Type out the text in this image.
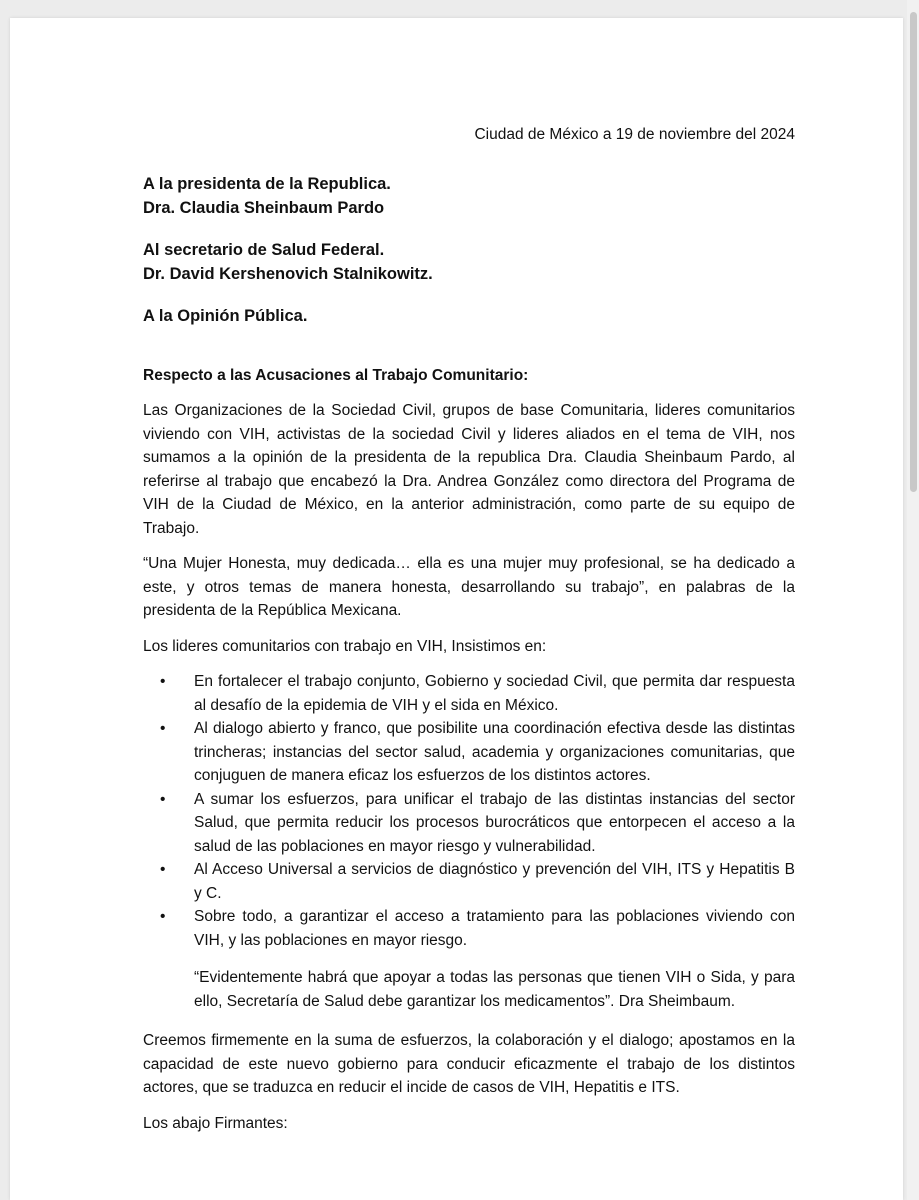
Ciudad de México a 19 de noviembre del 2024
A la presidenta de la Republica.
Dra. Claudia Sheinbaum Pardo
Al secretario de Salud Federal.
Dr. David Kershenovich Stalnikowitz.
A la Opinión Pública.
Respecto a las Acusaciones al Trabajo Comunitario:

Las Organizaciones de la Sociedad Civil, grupos de base Comunitaria, lideres comunitarios viviendo con VIH, activistas de la sociedad Civil y lideres aliados en el tema de VIH, nos sumamos a la opinión de la presidenta de la republica Dra. Claudia Sheinbaum Pardo, al referirse al trabajo que encabezó la Dra. Andrea González como directora del Programa de VIH de la Ciudad de México, en la anterior administración, como parte de su equipo de Trabajo.

“Una Mujer Honesta, muy dedicada… ella es una mujer muy profesional, se ha dedicado a este, y otros temas de manera honesta, desarrollando su trabajo”, en palabras de la presidenta de la República Mexicana.

Los lideres comunitarios con trabajo en VIH, Insistimos en:

• En fortalecer el trabajo conjunto, Gobierno y sociedad Civil, que permita dar respuesta al desafío de la epidemia de VIH y el sida en México.
• Al dialogo abierto y franco, que posibilite una coordinación efectiva desde las distintas trincheras; instancias del sector salud, academia y organizaciones comunitarias, que conjuguen de manera eficaz los esfuerzos de los distintos actores.
• A sumar los esfuerzos, para unificar el trabajo de las distintas instancias del sector Salud, que permita reducir los procesos burocráticos que entorpecen el acceso a la salud de las poblaciones en mayor riesgo y vulnerabilidad.
• Al Acceso Universal a servicios de diagnóstico y prevención del VIH, ITS y Hepatitis B y C.
• Sobre todo, a garantizar el acceso a tratamiento para las poblaciones viviendo con VIH, y las poblaciones en mayor riesgo.
“Evidentemente habrá que apoyar a todas las personas que tienen VIH o Sida, y para ello, Secretaría de Salud debe garantizar los medicamentos”. Dra Sheimbaum.

Creemos firmemente en la suma de esfuerzos, la colaboración y el dialogo; apostamos en la capacidad de este nuevo gobierno para conducir eficazmente el trabajo de los distintos actores, que se traduzca en reducir el incide de casos de VIH, Hepatitis e ITS.

Los abajo Firmantes:
